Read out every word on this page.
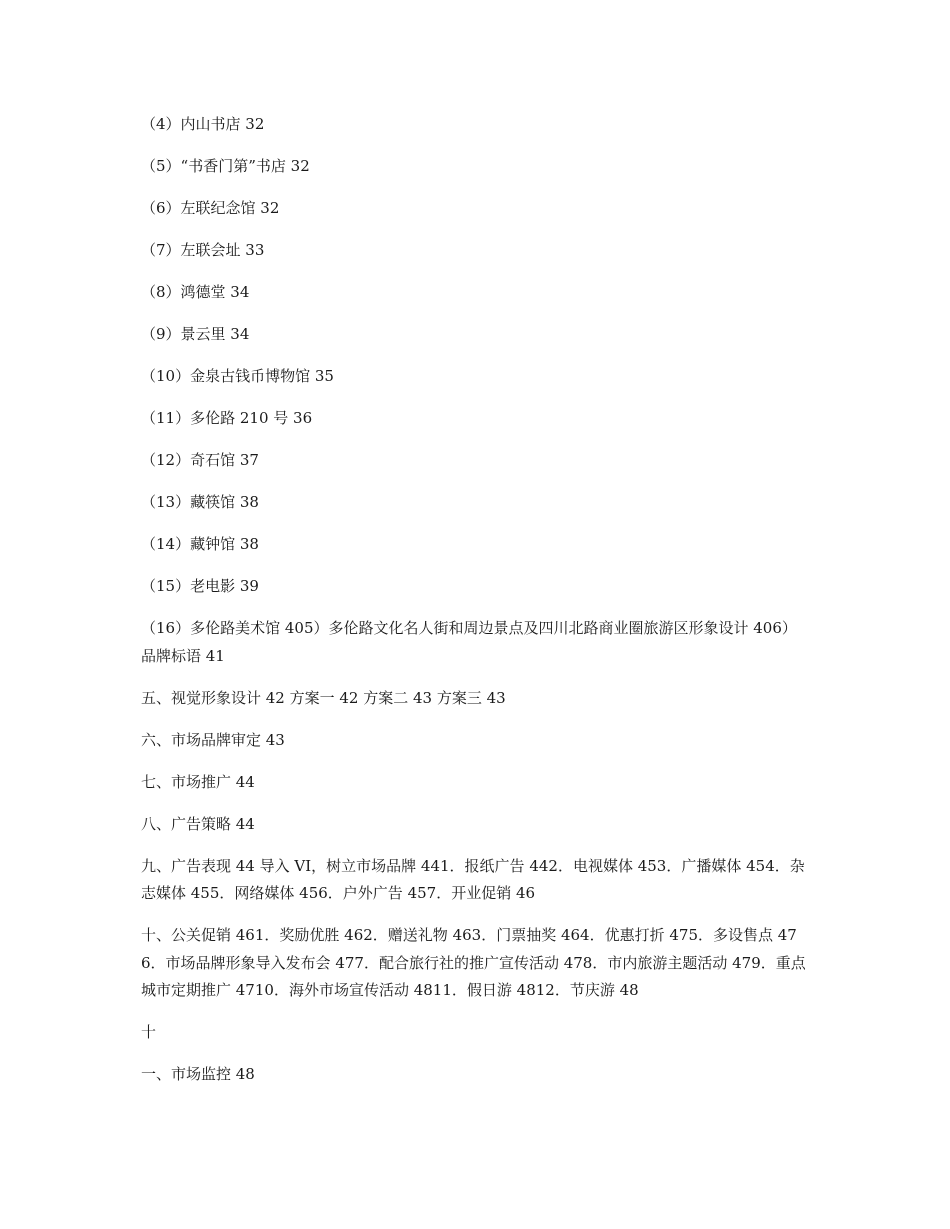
（4）内山书店 32

（5）“书香门第”书店 32

（6）左联纪念馆 32

（7）左联会址 33

（8）鸿德堂 34

（9）景云里 34

（10）金泉古钱币博物馆 35

（11）多伦路 210 号 36

（12）奇石馆 37

（13）藏筷馆 38

（14）藏钟馆 38

（15）老电影 39

（16）多伦路美术馆 405）多伦路文化名人街和周边景点及四川北路商业圈旅游区形象设计 406）品牌标语 41

五、视觉形象设计 42 方案一 42 方案二 43 方案三 43

六、市场品牌审定 43

七、市场推广 44

八、广告策略 44

九、广告表现 44 导入 VI，树立市场品牌 441．报纸广告 442．电视媒体 453．广播媒体 454．杂志媒体 455．网络媒体 456．户外广告 457．开业促销 46

十、公关促销 461．奖励优胜 462．赠送礼物 463．门票抽奖 464．优惠打折 475．多设售点 476．市场品牌形象导入发布会 477．配合旅行社的推广宣传活动 478．市内旅游主题活动 479．重点城市定期推广 4710．海外市场宣传活动 4811．假日游 4812．节庆游 48

十

一、市场监控 48
